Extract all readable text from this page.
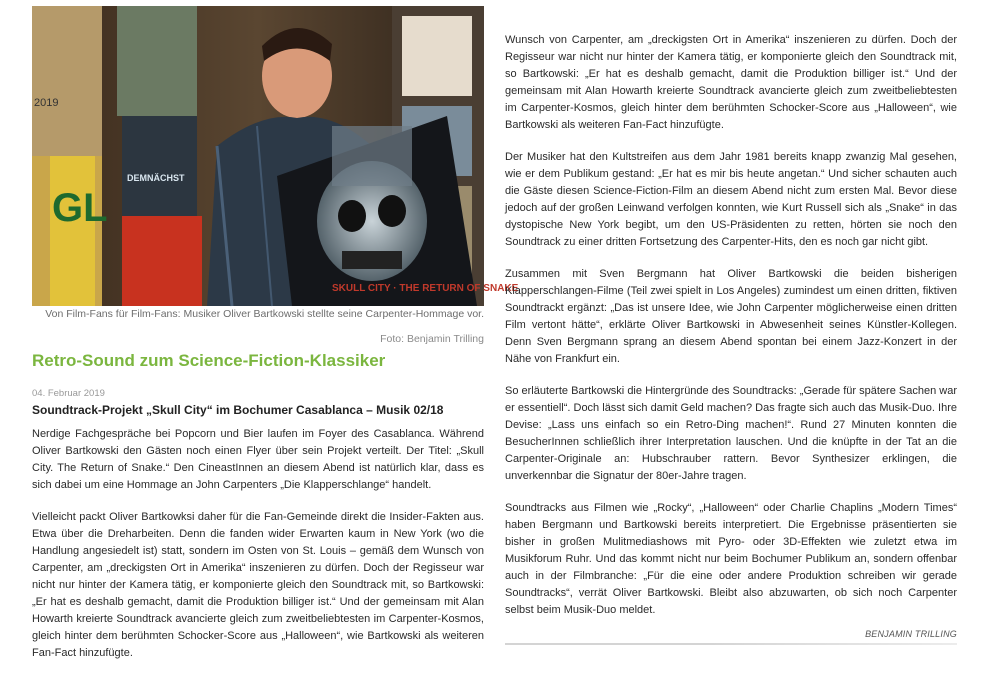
GL
2019
DEMNÄCHST
SKULL CITY · THE RETURN OF SNAKE
Von Film-Fans für Film-Fans: Musiker Oliver Bartkowski stellte seine Carpenter-Hommage vor.
Foto: Benjamin Trilling
Retro-Sound zum Science-Fiction-Klassiker
04. Februar 2019
Soundtrack-Projekt „Skull City“ im Bochumer Casablanca – Musik 02/18

Nerdige Fachgespräche bei Popcorn und Bier laufen im Foyer des Casablanca. Während Oliver Bartkowski den Gästen noch einen Flyer über sein Projekt verteilt. Der Titel: „Skull City. The Return of Snake.“ Den CineastInnen an diesem Abend ist natürlich klar, dass es sich dabei um eine Hommage an John Carpenters „Die Klapperschlange“ handelt.

Vielleicht packt Oliver Bartkowksi daher für die Fan-Gemeinde direkt die Insider-Fakten aus. Etwa über die Dreharbeiten. Denn die fanden wider Erwarten kaum in New York (wo die Handlung angesiedelt ist) statt, sondern im Osten von St. Louis – gemäß dem Wunsch von Carpenter, am „dreckigsten Ort in Amerika“ inszenieren zu dürfen. Doch der Regisseur war nicht nur hinter der Kamera tätig, er komponierte gleich den Soundtrack mit, so Bartkowski: „Er hat es deshalb gemacht, damit die Produktion billiger ist.“ Und der gemeinsam mit Alan Howarth kreierte Soundtrack avancierte gleich zum zweitbeliebtesten im Carpenter-Kosmos, gleich hinter dem berühmten Schocker-Score aus „Halloween“, wie Bartkowski als weiteren Fan-Fact hinzufügte.

Wunsch von Carpenter, am „dreckigsten Ort in Amerika“ inszenieren zu dürfen. Doch der Regisseur war nicht nur hinter der Kamera tätig, er komponierte gleich den Soundtrack mit, so Bartkowski: „Er hat es deshalb gemacht, damit die Produktion billiger ist.“ Und der gemeinsam mit Alan Howarth kreierte Soundtrack avancierte gleich zum zweitbeliebtesten im Carpenter-Kosmos, gleich hinter dem berühmten Schocker-Score aus „Halloween“, wie Bartkowski als weiteren Fan-Fact hinzufügte.

Der Musiker hat den Kultstreifen aus dem Jahr 1981 bereits knapp zwanzig Mal gesehen, wie er dem Publikum gestand: „Er hat es mir bis heute angetan.“ Und sicher schauten auch die Gäste diesen Science-Fiction-Film an diesem Abend nicht zum ersten Mal. Bevor diese jedoch auf der großen Leinwand verfolgen konnten, wie Kurt Russell sich als „Snake“ in das dystopische New York begibt, um den US-Präsidenten zu retten, hörten sie noch den Soundtrack zu einer dritten Fortsetzung des Carpenter-Hits, den es noch gar nicht gibt.

Zusammen mit Sven Bergmann hat Oliver Bartkowski die beiden bisherigen Klapperschlangen-Filme (Teil zwei spielt in Los Angeles) zumindest um einen dritten, fiktiven Soundtrackt ergänzt: „Das ist unsere Idee, wie John Carpenter möglicherweise einen dritten Film vertont hätte“, erklärte Oliver Bartkowski in Abwesenheit seines Künstler-Kollegen. Denn Sven Bergmann sprang an diesem Abend spontan bei einem Jazz-Konzert in der Nähe von Frankfurt ein.

So erläuterte Bartkowski die Hintergründe des Soundtracks: „Gerade für spätere Sachen war er essentiell“. Doch lässt sich damit Geld machen? Das fragte sich auch das Musik-Duo. Ihre Devise: „Lass uns einfach so ein Retro-Ding machen!“. Rund 27 Minuten konnten die BesucherInnen schließlich ihrer Interpretation lauschen. Und die knüpfte in der Tat an die Carpenter-Originale an: Hubschrauber rattern. Bevor Synthesizer erklingen, die unverkennbar die Signatur der 80er-Jahre tragen.

Soundtracks aus Filmen wie „Rocky“, „Halloween“ oder Charlie Chaplins „Modern Times“ haben Bergmann und Bartkowski bereits interpretiert. Die Ergebnisse präsentierten sie bisher in großen Mulitmediashows mit Pyro- oder 3D-Effekten wie zuletzt etwa im Musikforum Ruhr. Und das kommt nicht nur beim Bochumer Publikum an, sondern offenbar auch in der Filmbranche: „Für die eine oder andere Produktion schreiben wir gerade Soundtracks“, verrät Oliver Bartkowski. Bleibt also abzuwarten, ob sich noch Carpenter selbst beim Musik-Duo meldet.

BENJAMIN TRILLING
